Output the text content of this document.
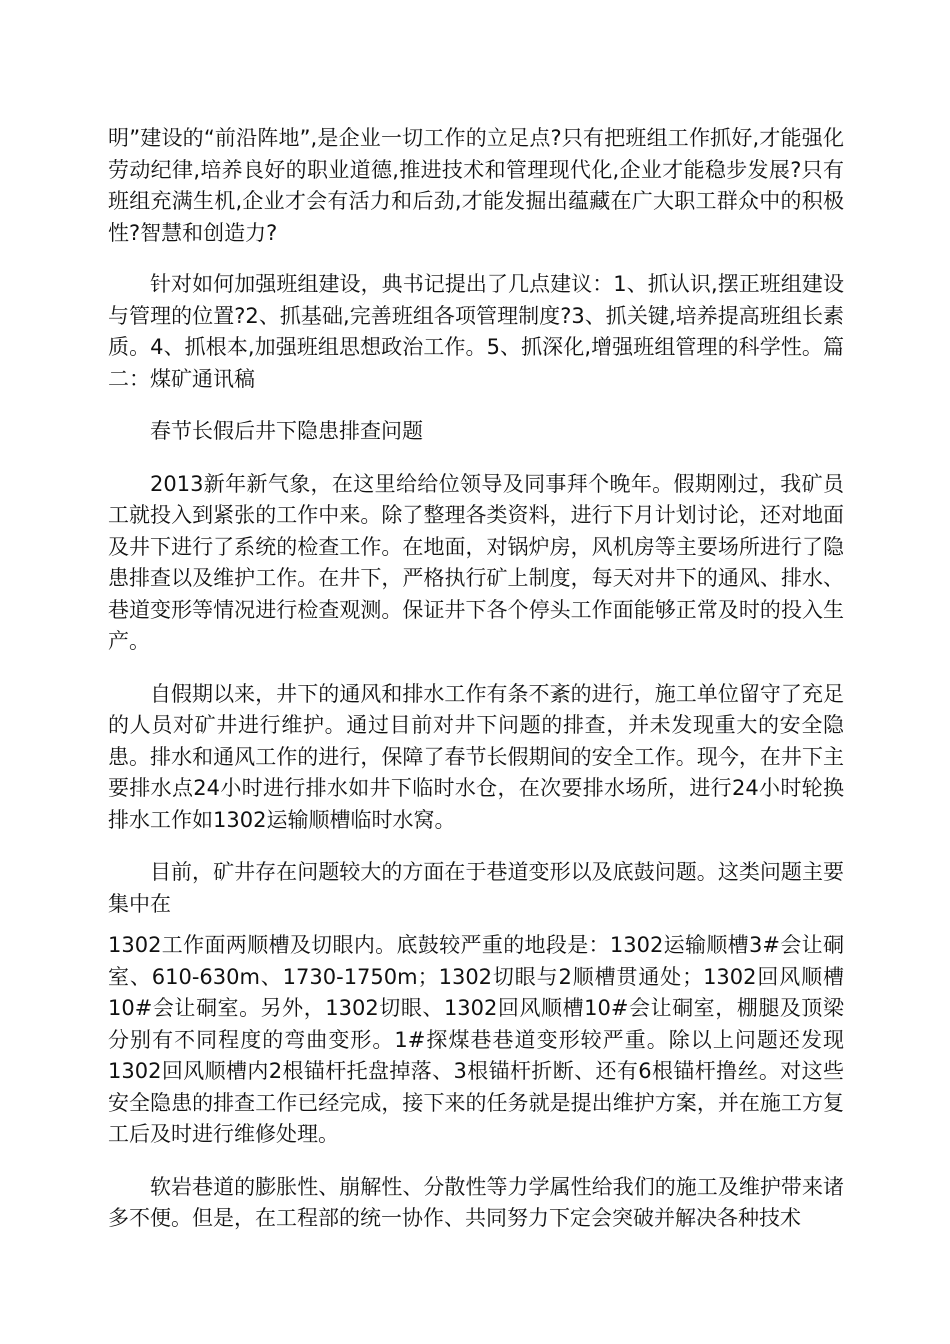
明”建设的“前沿阵地”,是企业一切工作的立足点?只有把班组工作抓好,才能强化劳动纪律,培养良好的职业道德,推进技术和管理现代化,企业才能稳步发展?只有班组充满生机,企业才会有活力和后劲,才能发掘出蕴藏在广大职工群众中的积极性?智慧和创造力?

针对如何加强班组建设，典书记提出了几点建议：1、抓认识,摆正班组建设与管理的位置?2、抓基础,完善班组各项管理制度?3、抓关键,培养提高班组长素质。4、抓根本,加强班组思想政治工作。5、抓深化,增强班组管理的科学性。篇二：煤矿通讯稿

春节长假后井下隐患排查问题

2013新年新气象，在这里给给位领导及同事拜个晚年。假期刚过，我矿员工就投入到紧张的工作中来。除了整理各类资料，进行下月计划讨论，还对地面及井下进行了系统的检查工作。在地面，对锅炉房，风机房等主要场所进行了隐患排查以及维护工作。在井下，严格执行矿上制度，每天对井下的通风、排水、巷道变形等情况进行检查观测。保证井下各个停头工作面能够正常及时的投入生产。

自假期以来，井下的通风和排水工作有条不紊的进行，施工单位留守了充足的人员对矿井进行维护。通过目前对井下问题的排查，并未发现重大的安全隐患。排水和通风工作的进行，保障了春节长假期间的安全工作。现今，在井下主要排水点24小时进行排水如井下临时水仓，在次要排水场所，进行24小时轮换排水工作如1302运输顺槽临时水窝。

目前，矿井存在问题较大的方面在于巷道变形以及底鼓问题。这类问题主要集中在

1302工作面两顺槽及切眼内。底鼓较严重的地段是：1302运输顺槽3#会让硐室、610-630m、1730-1750m；1302切眼与2顺槽贯通处；1302回风顺槽10#会让硐室。另外，1302切眼、1302回风顺槽10#会让硐室，棚腿及顶梁分别有不同程度的弯曲变形。1#探煤巷巷道变形较严重。除以上问题还发现1302回风顺槽内2根锚杆托盘掉落、3根锚杆折断、还有6根锚杆撸丝。对这些安全隐患的排查工作已经完成，接下来的任务就是提出维护方案，并在施工方复工后及时进行维修处理。

软岩巷道的膨胀性、崩解性、分散性等力学属性给我们的施工及维护带来诸多不便。但是，在工程部的统一协作、共同努力下定会突破并解决各种技术
